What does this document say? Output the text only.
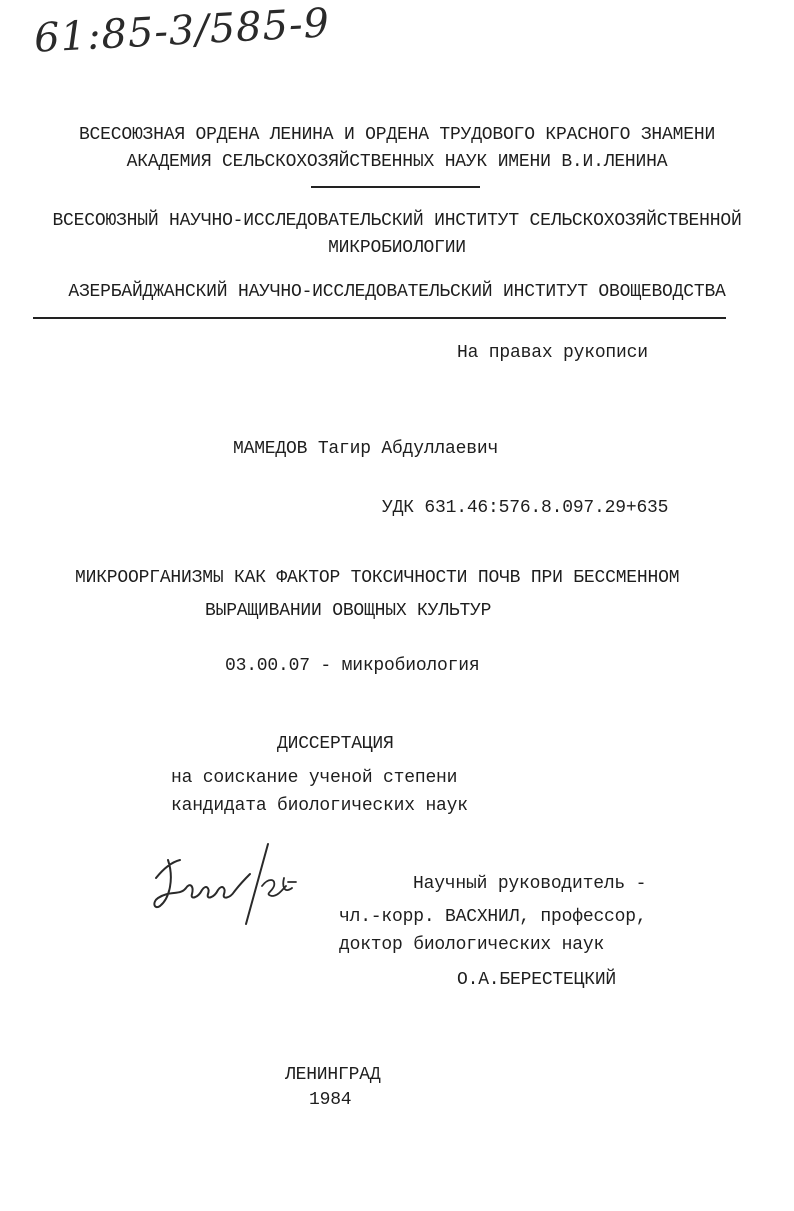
61:85-3/585-9
ВСЕСОЮЗНАЯ ОРДЕНА ЛЕНИНА И ОРДЕНА ТРУДОВОГО КРАСНОГО ЗНАМЕНИ
АКАДЕМИЯ СЕЛЬСКОХОЗЯЙСТВЕННЫХ НАУК ИМЕНИ В.И.ЛЕНИНА
ВСЕСОЮЗНЫЙ НАУЧНО-ИССЛЕДОВАТЕЛЬСКИЙ ИНСТИТУТ СЕЛЬСКОХОЗЯЙСТВЕННОЙ
МИКРОБИОЛОГИИ
АЗЕРБАЙДЖАНСКИЙ НАУЧНО-ИССЛЕДОВАТЕЛЬСКИЙ ИНСТИТУТ ОВОЩЕВОДСТВА
На правах рукописи
МАМЕДОВ Тагир Абдуллаевич
УДК 631.46:576.8.097.29+635
МИКРООРГАНИЗМЫ КАК ФАКТОР ТОКСИЧНОСТИ ПОЧВ ПРИ БЕССМЕННОМ
ВЫРАЩИВАНИИ ОВОЩНЫХ КУЛЬТУР
03.00.07 - микробиология
ДИССЕРТАЦИЯ
на соискание ученой степени
кандидата биологических наук
Научный руководитель -
чл.-корр. ВАСХНИЛ, профессор,
доктор биологических наук
О.А.БЕРЕСТЕЦКИЙ
ЛЕНИНГРАД
1984
